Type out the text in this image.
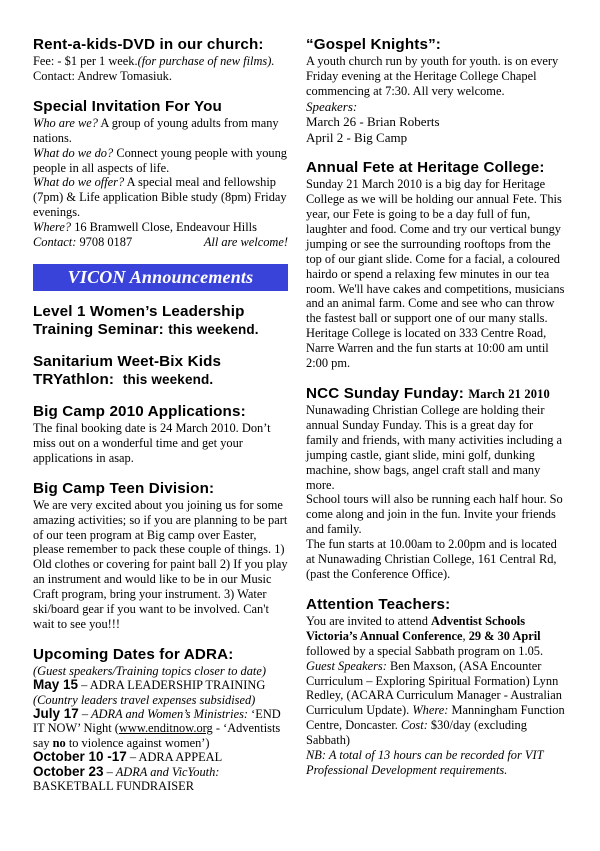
Rent-a-kids-DVD in our church:

Fee: - $1 per 1 week.(for purchase of new films).

Contact: Andrew Tomasiuk.

Special Invitation For You

Who are we? A group of young adults from many nations.

What do we do? Connect young people with young people in all aspects of life.

What do we offer? A special meal and fellowship (7pm) & Life application Bible study (8pm) Friday evenings.

Where? 16 Bramwell Close, Endeavour Hills

Contact: 9708 0187	All are welcome!

VICON Announcements
Level 1 Women’s Leadership
Training Seminar: this weekend.
Sanitarium Weet-Bix Kids
TRYathlon: this weekend.
Big Camp 2010 Applications:

The final booking date is 24 March 2010. Don’t miss out on a wonderful time and get your applications in asap.

Big Camp Teen Division:

We are very excited about you joining us for some amazing activities; so if you are planning to be part of our teen program at Big camp over Easter, please remember to pack these couple of things. 1) Old clothes or covering for paint ball 2) If you play an instrument and would like to be in our Music Craft program, bring your instrument. 3) Water ski/board gear if you want to be involved. Can't wait to see you!!!

Upcoming Dates for ADRA:

(Guest speakers/Training topics closer to date)

May 15 – ADRA LEADERSHIP TRAINING (Country leaders travel expenses subsidised)

July 17 – ADRA and Women’s Ministries: ‘END IT NOW’ Night (www.enditnow.org - ‘Adventists say no to violence against women’)

October 10 -17 – ADRA APPEAL

October 23 – ADRA and VicYouth: BASKETBALL FUNDRAISER

“Gospel Knights”:

A youth church run by youth for youth. is on every Friday evening at the Heritage College Chapel commencing at 7:30. All very welcome.

Speakers:

March 26 - Brian Roberts

April 2 - Big Camp

Annual Fete at Heritage College:

Sunday 21 March 2010 is a big day for Heritage College as we will be holding our annual Fete. This year, our Fete is going to be a day full of fun, laughter and food. Come and try our vertical bungy jumping or see the surrounding rooftops from the top of our giant slide. Come for a facial, a coloured hairdo or spend a relaxing few minutes in our tea room. We'll have cakes and competitions, musicians and an animal farm. Come and see who can throw the fastest ball or support one of our many stalls. Heritage College is located on 333 Centre Road, Narre Warren and the fun starts at 10:00 am until 2:00 pm.

NCC Sunday Funday: March 21 2010

Nunawading Christian College are holding their annual Sunday Funday. This is a great day for family and friends, with many activities including a jumping castle, giant slide, mini golf, dunking machine, show bags, angel craft stall and many more.

School tours will also be running each half hour. So come along and join in the fun. Invite your friends and family.

The fun starts at 10.00am to 2.00pm and is located at Nunawading Christian College, 161 Central Rd, (past the Conference Office).

Attention Teachers:

You are invited to attend Adventist Schools Victoria’s Annual Conference, 29 & 30 April followed by a special Sabbath program on 1.05.

Guest Speakers: Ben Maxson, (ASA Encounter Curriculum – Exploring Spiritual Formation) Lynn Redley, (ACARA Curriculum Manager - Australian Curriculum Update). Where: Manningham Function Centre, Doncaster. Cost: $30/day (excluding Sabbath)

NB: A total of 13 hours can be recorded for VIT Professional Development requirements.
